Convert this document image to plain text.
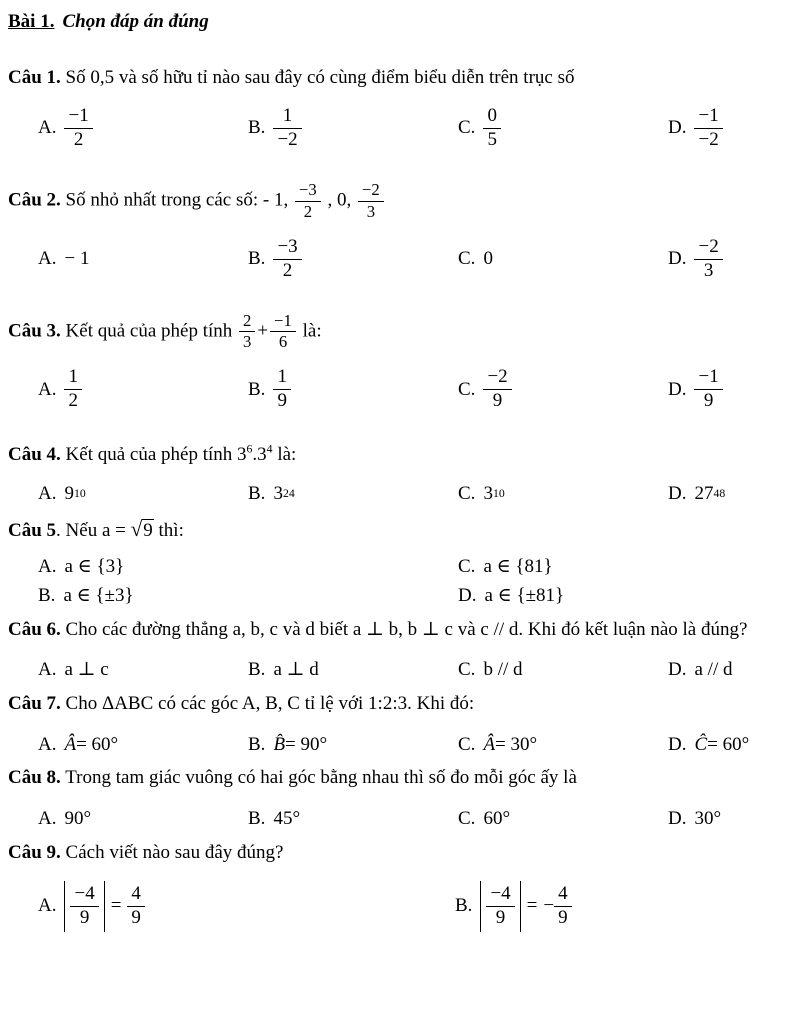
Bài 1. Chọn đáp án đúng

Câu 1. Số 0,5 và số hữu tỉ nào sau đây có cùng điểm biểu diễn trên trục số

A. $\frac{-1}{2}$	B. $\frac{1}{-2}$	C. $\frac{0}{5}$	D. $\frac{-1}{-2}$

Câu 2. Số nhỏ nhất trong các số: - 1, $\frac{-3}{2}$ , 0, $\frac{-2}{3}$

A. − 1	B. $\frac{-3}{2}$	C. 0	D. $\frac{-2}{3}$

Câu 3. Kết quả của phép tính $\frac{2}{3} + \frac{-1}{6}$ là:

A. $\frac{1}{2}$	B. $\frac{1}{9}$	C. $\frac{-2}{9}$	D. $\frac{-1}{9}$

Câu 4. Kết quả của phép tính $3^6.3^4$ là:

A. 9 10	B. 3 24	C. 3 10	D. 27 48

Câu 5. Nếu a = √9 thì:

A. a ∈ {3}
B. a ∈ {±3}
C. a ∈ {81}
D. a ∈ {±81}

Câu 6. Cho các đường thẳng a, b, c và d biết a ⊥ b, b ⊥ c và c // d. Khi đó kết luận nào là đúng?

A. a ⊥ c	B. a ⊥ d	C. b // d	D. a // d

Câu 7. Cho ΔABC có các góc A, B, C tỉ lệ với 1:2:3. Khi đó:

A. Â = 60°	B. B̂ = 90°	C. Â = 30°	D. Ĉ = 60°

Câu 8. Trong tam giác vuông có hai góc bằng nhau thì số đo mỗi góc ấy là

A. 90°	B. 45°	C. 60°	D. 30°

Câu 9. Cách viết nào sau đây đúng?

A. $\frac{-4}{9} = \frac{4}{9}$	B. $\frac{-4}{9}$ = − $\frac{4}{9}$
